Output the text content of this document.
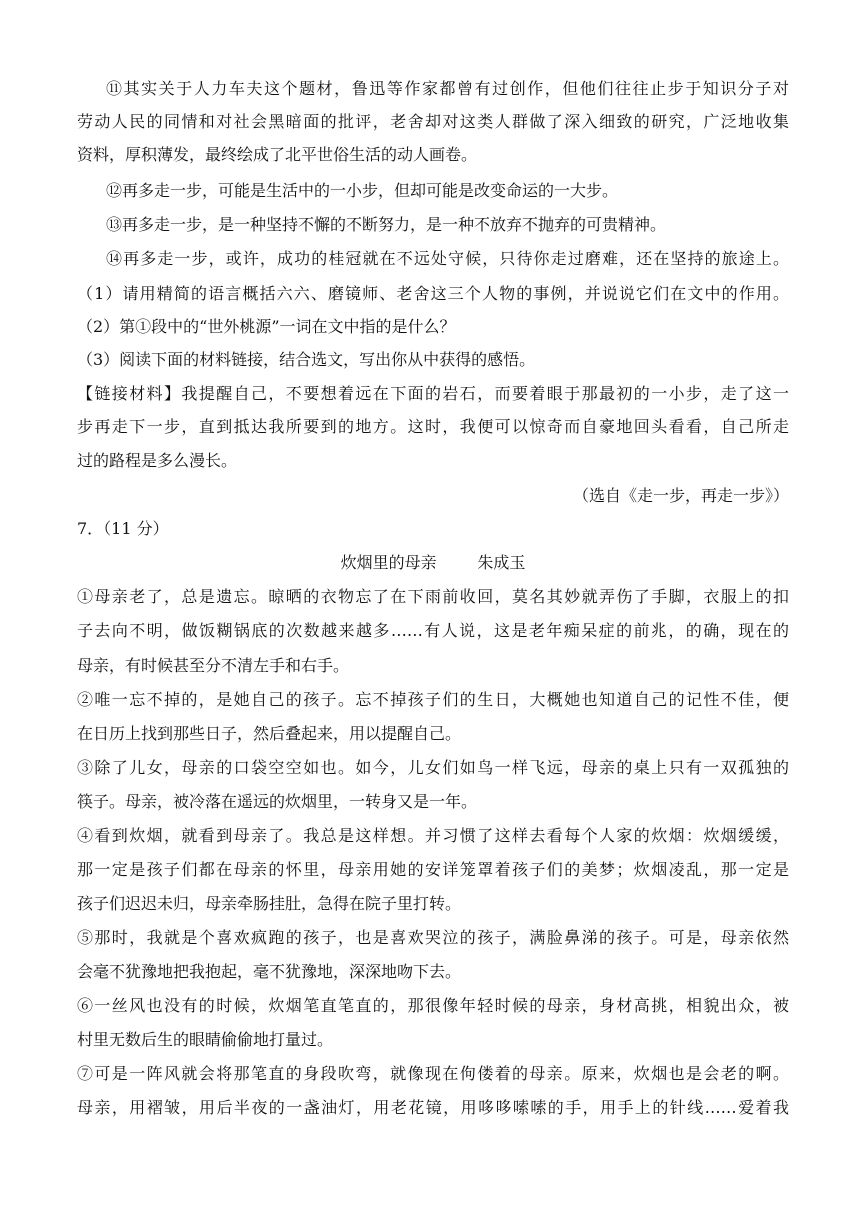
⑪其实关于人力车夫这个题材，鲁迅等作家都曾有过创作，但他们往往止步于知识分子对
劳动人民的同情和对社会黑暗面的批评，老舍却对这类人群做了深入细致的研究，广泛地收集
资料，厚积薄发，最终绘成了北平世俗生活的动人画卷。
⑫再多走一步，可能是生活中的一小步，但却可能是改变命运的一大步。
⑬再多走一步，是一种坚持不懈的不断努力，是一种不放弃不抛弃的可贵精神。
⑭再多走一步，或许，成功的桂冠就在不远处守候，只待你走过磨难，还在坚持的旅途上。
（1）请用精简的语言概括六六、磨镜师、老舍这三个人物的事例，并说说它们在文中的作用。
（2）第①段中的“世外桃源”一词在文中指的是什么？
（3）阅读下面的材料链接，结合选文，写出你从中获得的感悟。
【链接材料】我提醒自己，不要想着远在下面的岩石，而要着眼于那最初的一小步，走了这一
步再走下一步，直到抵达我所要到的地方。这时，我便可以惊奇而自豪地回头看看，自己所走
过的路程是多么漫长。
（选自《走一步，再走一步》）
7．（11 分）
炊烟里的母亲	朱成玉
①母亲老了，总是遗忘。晾晒的衣物忘了在下雨前收回，莫名其妙就弄伤了手脚，衣服上的扣
子去向不明，做饭糊锅底的次数越来越多……有人说，这是老年痴呆症的前兆，的确，现在的
母亲，有时候甚至分不清左手和右手。
②唯一忘不掉的，是她自己的孩子。忘不掉孩子们的生日，大概她也知道自己的记性不佳，便
在日历上找到那些日子，然后叠起来，用以提醒自己。
③除了儿女，母亲的口袋空空如也。如今，儿女们如鸟一样飞远，母亲的桌上只有一双孤独的
筷子。母亲，被冷落在遥远的炊烟里，一转身又是一年。
④看到炊烟，就看到母亲了。我总是这样想。并习惯了这样去看每个人家的炊烟：炊烟缓缓，
那一定是孩子们都在母亲的怀里，母亲用她的安详笼罩着孩子们的美梦；炊烟凌乱，那一定是
孩子们迟迟未归，母亲牵肠挂肚，急得在院子里打转。
⑤那时，我就是个喜欢疯跑的孩子，也是喜欢哭泣的孩子，满脸鼻涕的孩子。可是，母亲依然
会毫不犹豫地把我抱起，毫不犹豫地，深深地吻下去。
⑥一丝风也没有的时候，炊烟笔直笔直的，那很像年轻时候的母亲，身材高挑，相貌出众，被
村里无数后生的眼睛偷偷地打量过。
⑦可是一阵风就会将那笔直的身段吹弯，就像现在佝偻着的母亲。原来，炊烟也是会老的啊。
母亲，用褶皱，用后半夜的一盏油灯，用老花镜，用哆哆嗦嗦的手，用手上的针线……爱着我
